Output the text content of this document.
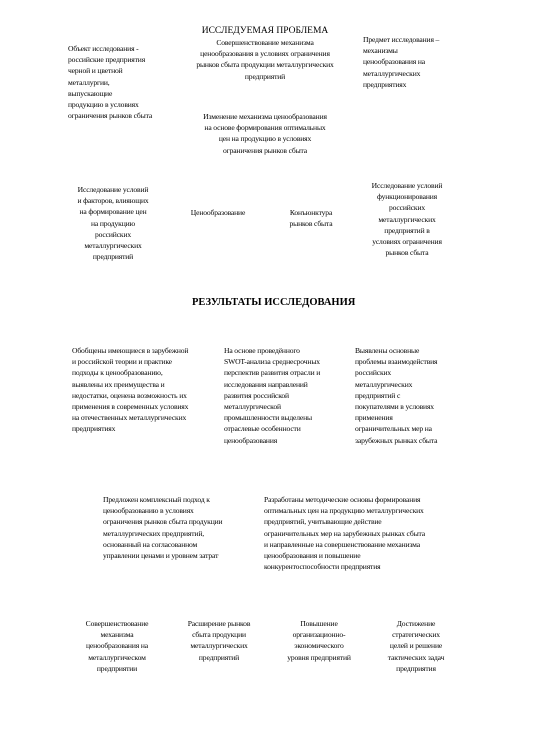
ИССЛЕДУЕМАЯ ПРОБЛЕМА
Совершенствование механизма
ценообразования в условиях ограничения
рынков сбыта продукции металлургических
предприятий
Объект исследования -
российские предприятия
черной и цветной
металлургии,
выпускающие
продукцию в условиях
ограничения рынков сбыта
Предмет исследования –
механизмы
ценообразования на
металлургических
предприятиях
Изменение механизма ценообразования
на основе формирования оптимальных
цен на продукцию в условиях
ограничения рынков сбыта
Исследование условий
и факторов, влияющих
на формирование цен
на продукцию
российских
металлургических
предприятий
Ценообразование	Конъюнктура
рынков сбыта
Исследование условий
функционирования
российских
металлургических
предприятий в
условиях ограничения
рынков сбыта
РЕЗУЛЬТАТЫ ИССЛЕДОВАНИЯ
Обобщены имеющиеся в зарубежной
и российской теории и практике
подходы к ценообразованию,
выявлены их преимущества и
недостатки, оценена возможность их
применения в современных условиях
на отечественных металлургических
предприятиях
На основе проведённого
SWOT-анализа среднесрочных
перспектив развития отрасли и
исследования направлений
развития российской
металлургической
промышленности выделены
отраслевые особенности
ценообразования
Выявлены основные
проблемы взаимодействия
российских
металлургических
предприятий с
покупателями в условиях
применения
ограничительных мер на
зарубежных рынках сбыта
Предложен комплексный подход к
ценообразованию в условиях
ограничения рынков сбыта продукции
металлургических предприятий,
основанный на согласованном
управлении ценами и уровнем затрат
Разработаны методические основы формирования
оптимальных цен на продукцию металлургических
предприятий, учитывающие действие
ограничительных мер на зарубежных рынках сбыта
и направленные на совершенствование механизма
ценообразования и повышение
конкурентоспособности предприятия
Совершенствование
механизма
ценообразования на
металлургическом
предприятии
Расширение рынков
сбыта продукции
металлургических
предприятий
Повышение
организационно-
экономического
уровня предприятий
Достижение
стратегических
целей и решение
тактических задач
предприятия
